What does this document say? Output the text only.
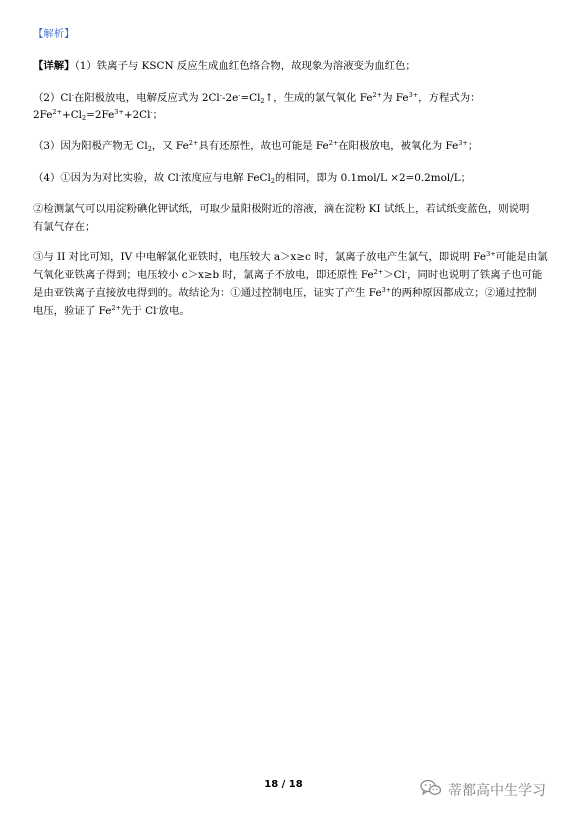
【解析】
【详解】（1）铁离子与 KSCN 反应生成血红色络合物，故现象为溶液变为血红色；
（2）Cl-在阳极放电，电解反应式为 $2Cl^--2e^-=Cl_2↑$，生成的氯气氧化 $Fe^{2+}$为 $Fe^{3+}$，方程式为：
$2Fe^{2+}+Cl_2=2Fe^{3+}+2Cl^-$；
（3）因为阳极产物无 $Cl_2$，又 $Fe^{2+}$具有还原性，故也可能是 $Fe^{2+}$在阳极放电，被氧化为 $Fe^{3+}$；
（4）①因为为对比实验，故 Cl-浓度应与电解 FeCl$_2$的相同，即为 0.1mol/L ×2=0.2mol/L；
②检测氯气可以用淀粉碘化钾试纸，可取少量阳极附近的溶液，滴在淀粉 KI 试纸上，若试纸变蓝色，则说明
有氯气存在；
③与 II 对比可知，IV 中电解氯化亚铁时，电压较大 a＞x≥c 时，氯离子放电产生氯气，即说明 $Fe^{3+}$可能是由氯
气氧化亚铁离子得到；电压较小 c＞x≥b 时，氯离子不放电，即还原性 $Fe^{2+}>Cl^-$，同时也说明了铁离子也可能
是由亚铁离子直接放电得到的。故结论为：①通过控制电压，证实了产生 $Fe^{3+}$的两种原因都成立；②通过控制
电压，验证了 $Fe^{2+}$先于 Cl-放电。
18 / 18	蒂都高中生学习
